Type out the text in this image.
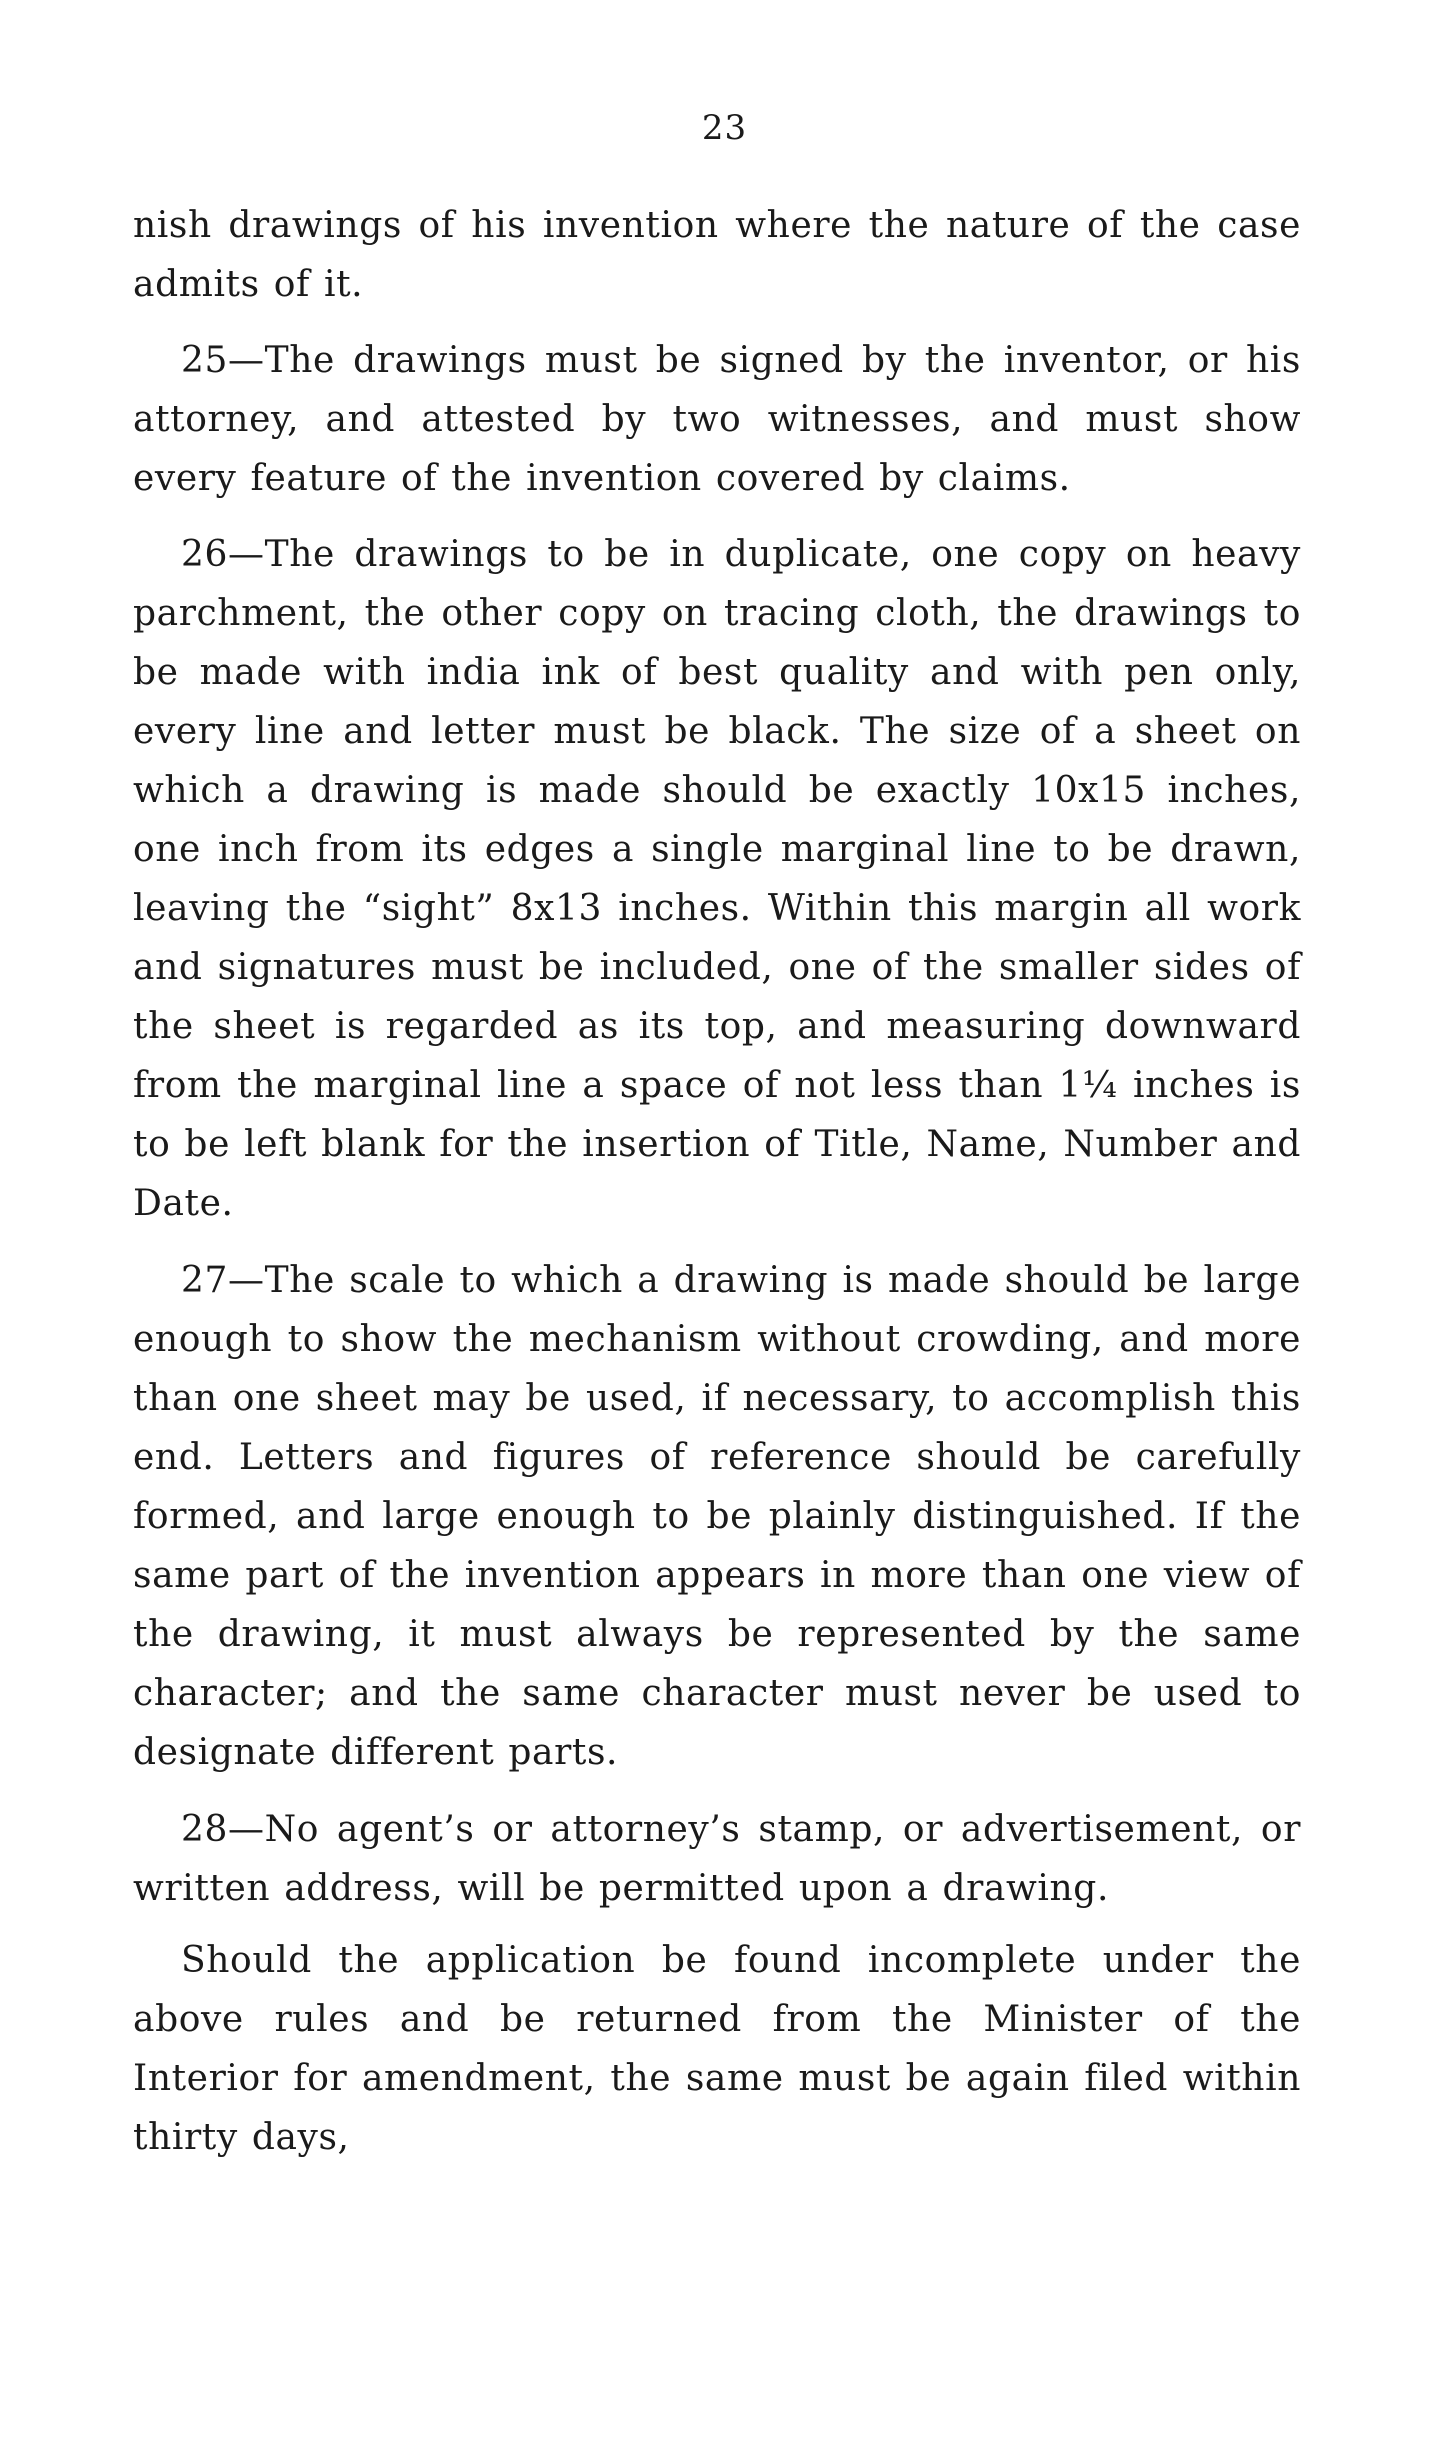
23

nish drawings of his invention where the nature of the case admits of it.

25—The drawings must be signed by the inventor, or his attorney, and attested by two witnesses, and must show every feature of the invention covered by claims.

26—The drawings to be in duplicate, one copy on heavy parchment, the other copy on tracing cloth, the drawings to be made with india ink of best quality and with pen only, every line and letter must be black. The size of a sheet on which a drawing is made should be exactly 10x15 inches, one inch from its edges a single marginal line to be drawn, leaving the “sight” 8x13 inches. Within this margin all work and signatures must be included, one of the smaller sides of the sheet is regarded as its top, and measuring downward from the marginal line a space of not less than 1¼ inches is to be left blank for the insertion of Title, Name, Number and Date.

27—The scale to which a drawing is made should be large enough to show the mechanism without crowding, and more than one sheet may be used, if necessary, to accomplish this end. Letters and figures of reference should be carefully formed, and large enough to be plainly distinguished. If the same part of the invention appears in more than one view of the drawing, it must always be represented by the same character; and the same character must never be used to designate different parts.

28—No agent’s or attorney’s stamp, or advertisement, or written address, will be permitted upon a drawing.

Should the application be found incomplete under the above rules and be returned from the Minister of the Interior for amendment, the same must be again filed within thirty days,
